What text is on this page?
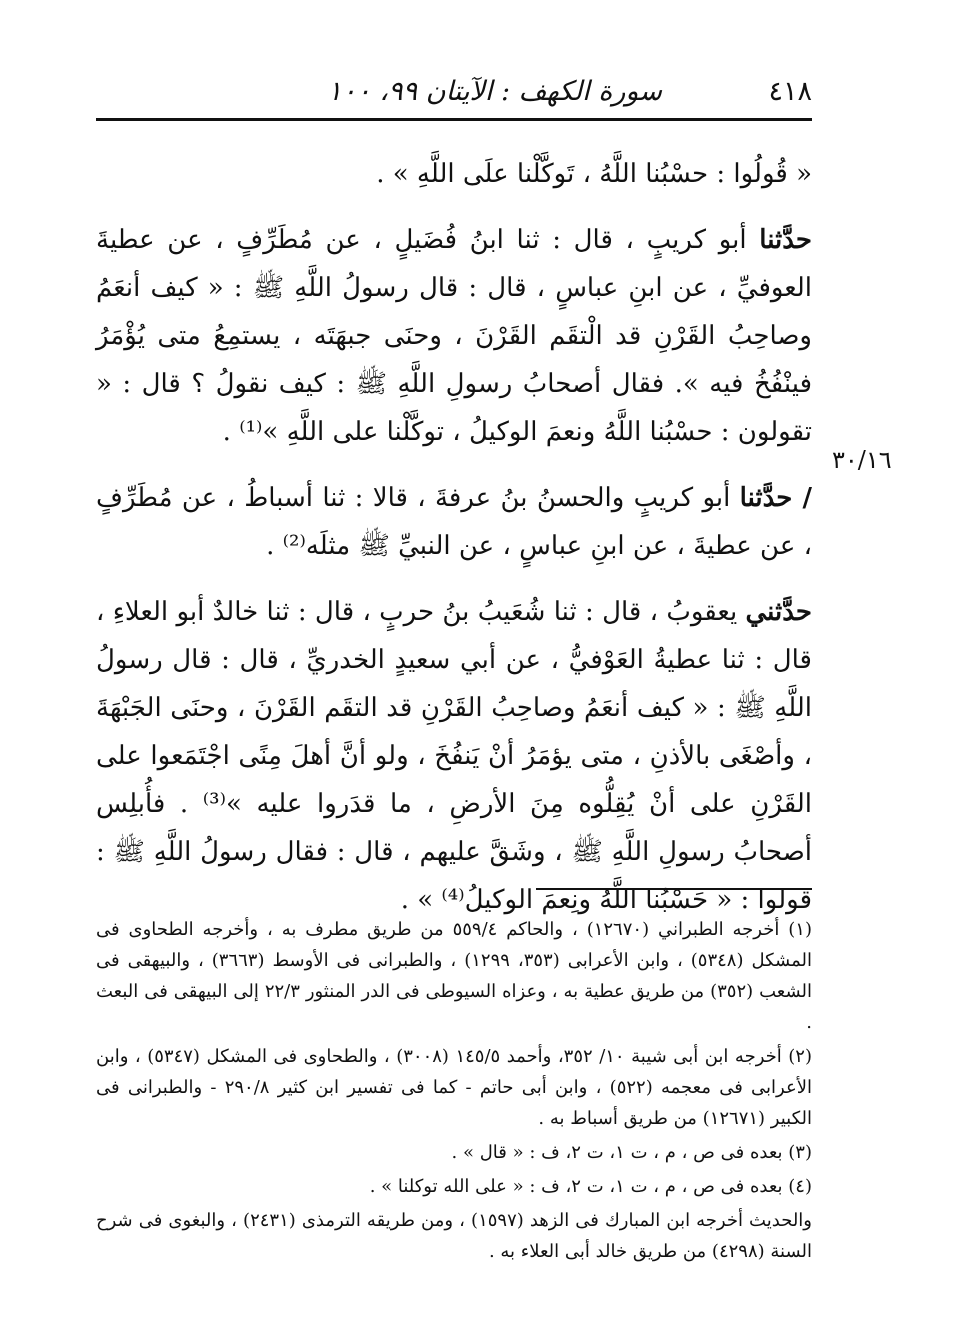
٤١٨
سورة الكهف : الآيتان ٩٩، ١٠٠
٣٠/١٦

« قُولُوا : حسْبُنا اللَّهُ ، تَوكَّلْنا علَى اللَّهِ » .

حدَّثنا أبو كريبٍ ، قال : ثنا ابنُ فُضَيلٍ ، عن مُطَرِّفٍ ، عن عطيةَ العوفيِّ ، عن ابنِ عباسٍ ، قال : قال رسولُ اللَّهِ ﷺ : « كيف أنعَمُ وصاحِبُ القَرْنِ قد الْتقَم القَرْنَ ، وحنَى جبهَتَه ، يستمِعُ متى يُؤْمَرُ فينْفُخُ فيه ». فقال أصحابُ رسولِ اللَّهِ ﷺ : كيف نقولُ ؟ قال : « تقولون : حسْبُنا اللَّهُ ونعمَ الوكيلُ ، توكَّلْنا على اللَّهِ »⁽¹⁾ .

/ حدَّثنا أبو كريبٍ والحسنُ بنُ عرفةَ ، قالا : ثنا أسباطُ ، عن مُطَرِّفٍ ، عن عطيةَ ، عن ابنِ عباسٍ ، عن النبيِّ ﷺ مثلَه⁽²⁾ .

حدَّثني يعقوبُ ، قال : ثنا شُعَيبُ بنُ حربٍ ، قال : ثنا خالدٌ أبو العلاءِ ، قال : ثنا عطيةُ العَوْفيُّ ، عن أبي سعيدٍ الخدريِّ ، قال : قال رسولُ اللَّهِ ﷺ : « كيف أنعَمُ وصاحِبُ القَرْنِ قد التقَم القَرْنَ ، وحنَى الجَبْهَةَ ، وأصْغَى بالأذنِ ، متى يؤمَرُ أنْ يَنفُخَ ، ولو أنَّ أهلَ مِنًى اجْتَمَعوا على القَرْنِ على أنْ يُقِلُّوه مِنَ الأرضِ ، ما قدَروا عليه »⁽³⁾ . فأُبلِس أصحابُ رسولِ اللَّهِ ﷺ ، وشَقَّ عليهم ، قال : فقال رسولُ اللَّهِ ﷺ : قولوا : « حَسْبُنا اللَّهُ ونِعمَ الوكيلُ⁽⁴⁾ » .

(١) أخرجه الطبراني (١٢٦٧٠) ، والحاكم ٥٥٩/٤ من طريق مطرف به ، وأخرجه الطحاوى فى المشكل (٥٣٤٨) ، وابن الأعرابى (٣٥٣، ١٢٩٩) ، والطبرانى فى الأوسط (٣٦٦٣) ، والبيهقى فى الشعب (٣٥٢) من طريق عطية به ، وعزاه السيوطى فى الدر المنثور ٢٢/٣ إلى البيهقى فى البعث .

(٢) أخرجه ابن أبى شيبة ١٠/ ٣٥٢، وأحمد ١٤٥/٥ (٣٠٠٨) ، والطحاوى فى المشكل (٥٣٤٧) ، وابن الأعرابى فى معجمه (٥٢٢) ، وابن أبى حاتم - كما فى تفسير ابن كثير ٢٩٠/٨ - والطبرانى فى الكبير (١٢٦٧١) من طريق أسباط به .

(٣) بعده فى ص ، م ، ت ١، ت ٢، ف : « قال » .

(٤) بعده فى ص ، م ، ت ١، ت ٢، ف : « على الله توكلنا » .

والحديث أخرجه ابن المبارك فى الزهد (١٥٩٧) ، ومن طريقه الترمذى (٢٤٣١) ، والبغوى فى شرح السنة (٤٢٩٨) من طريق خالد أبى العلاء به .
